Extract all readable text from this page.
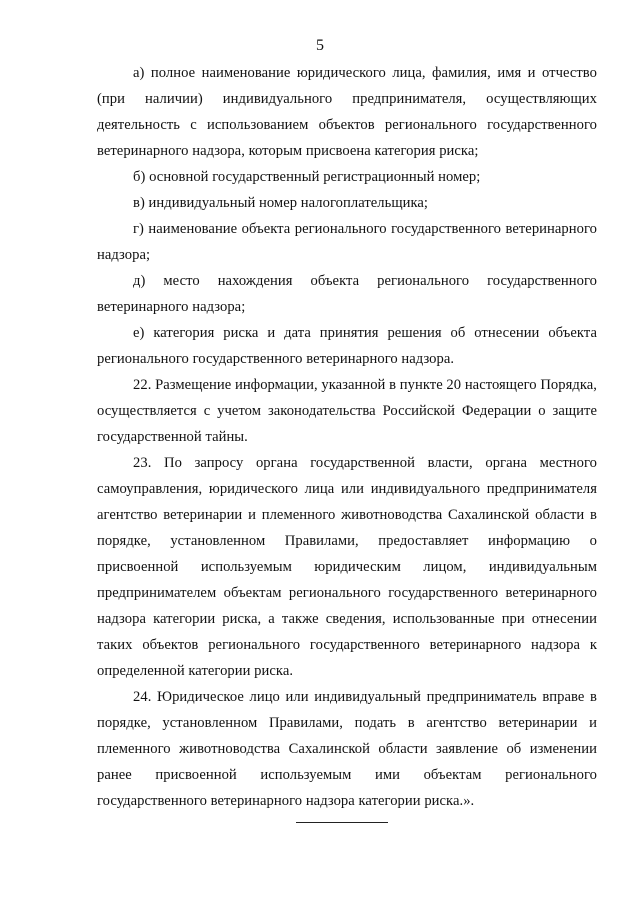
5

а) полное наименование юридического лица, фамилия, имя и отчество (при наличии) индивидуального предпринимателя, осуществляющих деятельность с использованием объектов регионального государственного ветеринарного надзора, которым присвоена категория риска;

б) основной государственный регистрационный номер;

в) индивидуальный номер налогоплательщика;

г) наименование объекта регионального государственного ветеринарного надзора;

д) место нахождения объекта регионального государственного ветеринарного надзора;

е) категория риска и дата принятия решения об отнесении объекта регионального государственного ветеринарного надзора.

22. Размещение информации, указанной в пункте 20 настоящего Порядка, осуществляется с учетом законодательства Российской Федерации о защите государственной тайны.

23. По запросу органа государственной власти, органа местного самоуправления, юридического лица или индивидуального предпринимателя агентство ветеринарии и племенного животноводства Сахалинской области в порядке, установленном Правилами, предоставляет информацию о присвоенной используемым юридическим лицом, индивидуальным предпринимателем объектам регионального государственного ветеринарного надзора категории риска, а также сведения, использованные при отнесении таких объектов регионального государственного ветеринарного надзора к определенной категории риска.

24. Юридическое лицо или индивидуальный предприниматель вправе в порядке, установленном Правилами, подать в агентство ветеринарии и племенного животноводства Сахалинской области заявление об изменении ранее присвоенной используемым ими объектам регионального государственного ветеринарного надзора категории риска.».
